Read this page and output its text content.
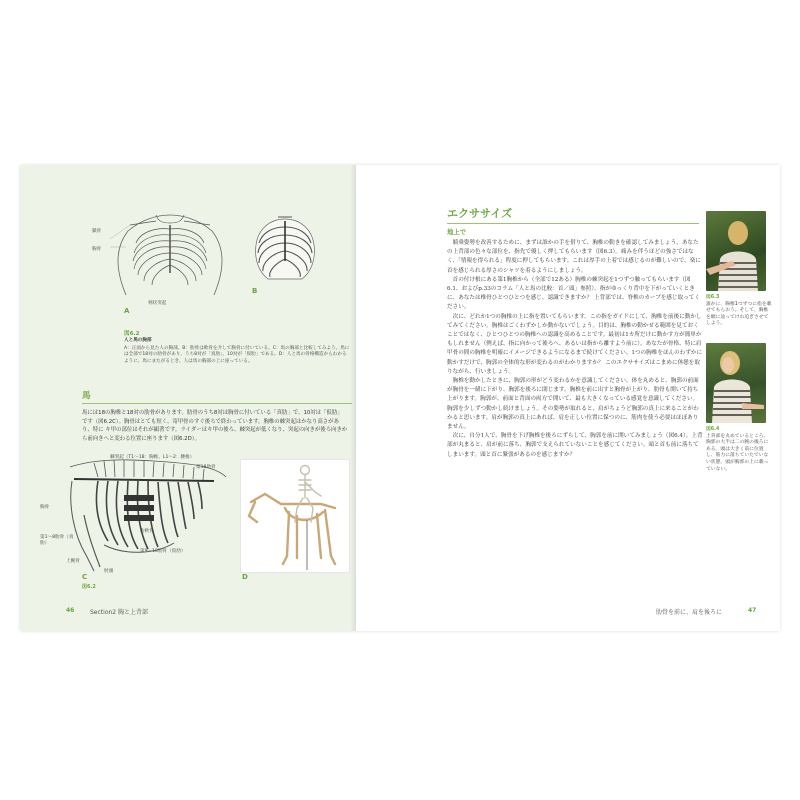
鎖骨
胸骨
剣状突起
A
B
図6.2
人と馬の胸部
A：正面から見た人の胸部。B：肋骨は軟骨を介して胸骨に付いている。C：馬の胸部と比較してみよう。馬には全部で18対の肋骨があり、うち8対が「真肋」、10対が「仮肋」である。D：人と馬の骨格構造からわかるように、馬にまたがるとき、人は馬の胸部の上に座っている。
馬
馬には18の胸椎と18対の肋骨があります。肋骨のうち8対は胸骨に付いている「真肋」で、10対は「仮肋」です（図6.2C）。胸骨はとても短く、寄甲骨のすぐ後ろで終わっています。胸椎の棘突起はかなり高さがあり、特に キ甲の部位はそれが顕著です。ライダーはキ甲の後ろ、棘突起が低くなり、突起の向きが後ろ向きから前向きへと変わる位置に座ります（図6.2D）。
棘突起（T1〜18：胸椎、L1〜2：腰椎）
第18肋骨
胸骨
第1〜8肋骨（真肋）
肋軟骨
第9〜18肋骨（仮肋）
上腕骨
肘頭
C
図6.2
D
46	Section2 胸と上背部
エクササイズ
地上で

騎乗姿勢を改善するために、まずは誰かの手を借りて、胸椎の動きを確認してみましょう。あなたの上背部の色々な部位を、指先で優しく押してもらいます（図6.3）。痛みを伴うほどの強さではなく、「情報を得られる」程度に押してもらいます。これは厚手の上着では感じるのが難しいので、楽に首を感じられる厚さのシャツを着るようにしましょう。

首の付け根にある第1胸椎から（全部で12ある）胸椎の棘突起を1つずつ触ってもらいます（図6.1、およびp.33のコラム「人と馬の比較：首／頭」参照）。指がゆっくり背中を下がっていくときに、あなたは椎骨ひとつひとつを感じ、認識できますか？ 上背部では、脊椎のカーブを感じ取ってください。

次に、どれか1つの胸椎の上に指を置いてもらいます。この指をガイドにして、胸椎を前後に動かしてみてください。胸椎はごくわずかしか動かないでしょう。目的は、胸椎の動かせる範囲を見ておくことではなく、ひとつひとつの胸椎への認識を高めることです。最初は1カ所だけに動かす方が簡単かもしれません（例えば、指に向かって後ろへ、あるいは指から離すよう前に）。あなたが骨格、特に肩甲骨の間の胸椎を明確にイメージできるようになるまで続けてください。1つの胸椎をほんのわずかに動かすだけで、胸郭の全体的な形が変わるのがわかりますか？ このエクササイズはこまめに休憩を取りながら、行いましょう。

胸椎を動かしたときに、胸郭の形がどう変わるかを意識してください。体を丸めると、胸郭の前面が胸骨を一緒に下がり、胸郭を後ろに閉じます。胸椎を前に出すと胸骨が上がり、肋骨も開いて持ち上がります。胸郭が、前面と背面の両方で開いて、最も大きくなっている感覚を意識してください。胸郭を少しずつ動かし続けましょう。その姿勢が取れると、肩がちょうど胸郭の真上に来ることがわかると思います。肩が胸郭の真上にあれば、肩を正しい位置に保つのに、筋肉を使う必要はほぼありません。

次に、自分1人で、胸骨を下げ胸椎を後ろにずらして、胸郭を前に開いてみましょう（図6.4）。上背部が丸まると、肩が前に落ち、胸郭で支えられていないことを感じてください。頭と首も前に落ちてしまいます。頭と首に緊張があるのを感じますか？

図6.3
誰かに、胸椎1つずつに指を載せてもらおう。そして、胸椎を順に辿ってけれ迫ぎさせてしよう。
図6.4
上背部を丸めているところ。胸郭の大半は二の腕の後ろにある。頭は大きく前に位置し、筋力に落ちていたでいない状態、頭が胸郭の上に載っていない。
肋骨を前に、肩を後ろに	47
